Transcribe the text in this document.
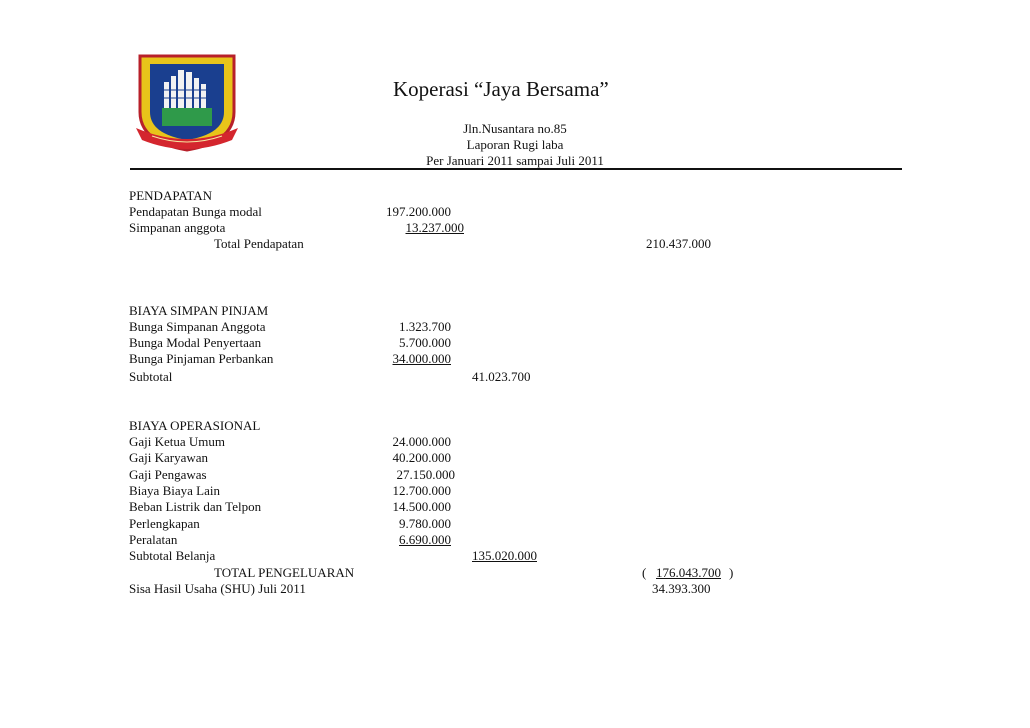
Koperasi “Jaya Bersama”
Jln.Nusantara no.85
Laporan Rugi laba
Per Januari 2011 sampai Juli 2011
PENDAPATAN
Pendapatan Bunga modal	197.200.000
Simpanan anggota	13.237.000
Total Pendapatan	210.437.000
BIAYA SIMPAN PINJAM
Bunga Simpanan Anggota	1.323.700
Bunga Modal Penyertaan	5.700.000
Bunga Pinjaman Perbankan	34.000.000
Subtotal	41.023.700
BIAYA OPERASIONAL
Gaji Ketua Umum	24.000.000
Gaji Karyawan	40.200.000
Gaji Pengawas	27.150.000
Biaya Biaya Lain	12.700.000
Beban Listrik dan Telpon	14.500.000
Perlengkapan	9.780.000
Peralatan	6.690.000
Subtotal Belanja	135.020.000
TOTAL PENGELUARAN	( 176.043.700 )
Sisa Hasil Usaha (SHU) Juli 2011	34.393.300
